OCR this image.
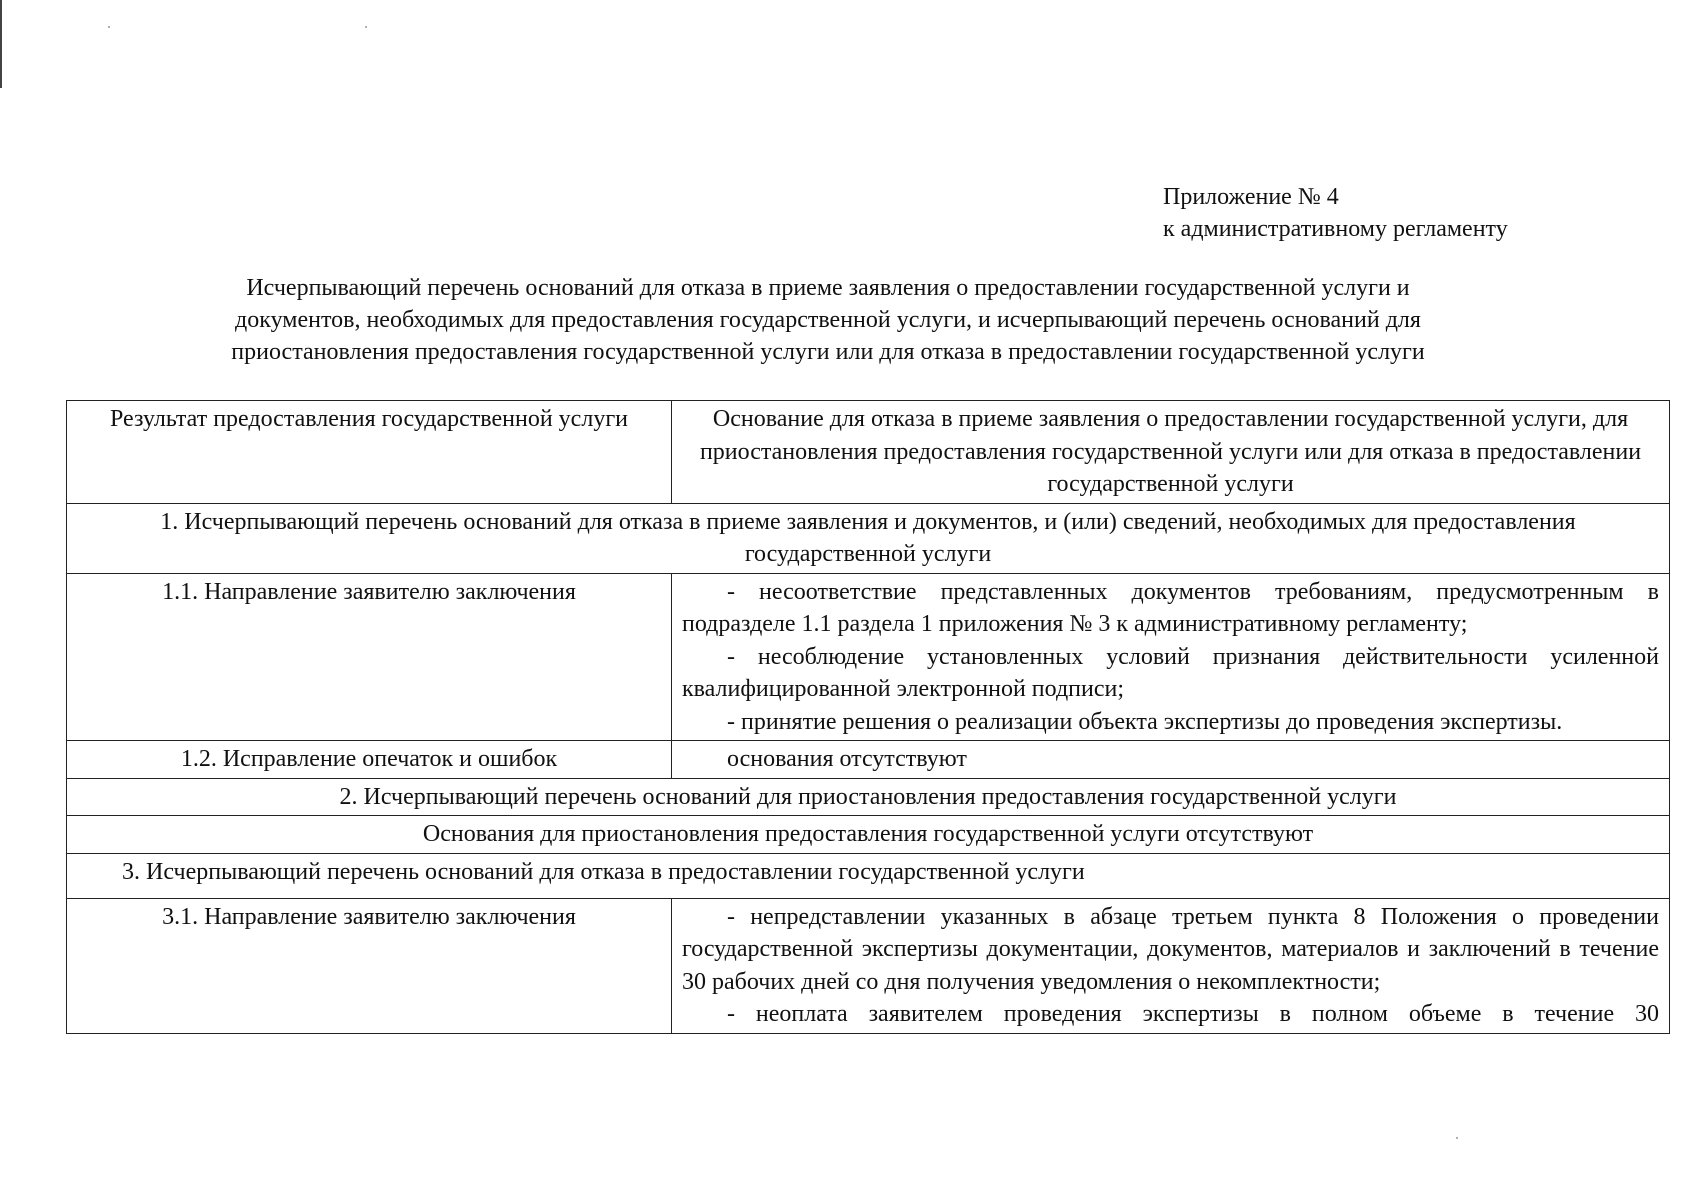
Приложение № 4
к административному регламенту
Исчерпывающий перечень оснований для отказа в приеме заявления о предоставлении государственной услуги и
документов, необходимых для предоставления государственной услуги, и исчерпывающий перечень оснований для
приостановления предоставления государственной услуги или для отказа в предоставлении государственной услуги
Результат предоставления государственной услуги	Основание для отказа в приеме заявления о предоставлении государственной услуги, для приостановления предоставления государственной услуги или для отказа в предоставлении государственной услуги
1. Исчерпывающий перечень оснований для отказа в приеме заявления и документов, и (или) сведений, необходимых для предоставления государственной услуги	
1.1. Направление заявителю заключения	- несоответствие представленных документов требованиям, предусмотренным в подразделе 1.1 раздела 1 приложения № 3 к административному регламенту;

- несоблюдение установленных условий признания действительности усиленной квалифицированной электронной подписи;

- принятие решения о реализации объекта экспертизы до проведения экспертизы.

1.2. Исправление опечаток и ошибок	основания отсутствуют
2. Исчерпывающий перечень оснований для приостановления предоставления государственной услуги	
Основания для приостановления предоставления государственной услуги отсутствуют	
3. Исчерпывающий перечень оснований для отказа в предоставлении государственной услуги	
3.1. Направление заявителю заключения	- непредставлении указанных в абзаце третьем пункта 8 Положения о проведении государственной экспертизы документации, документов, материалов и заключений в течение 30 рабочих дней со дня получения уведомления о некомплектности;

- неоплата заявителем проведения экспертизы в полном объеме в течение 30
